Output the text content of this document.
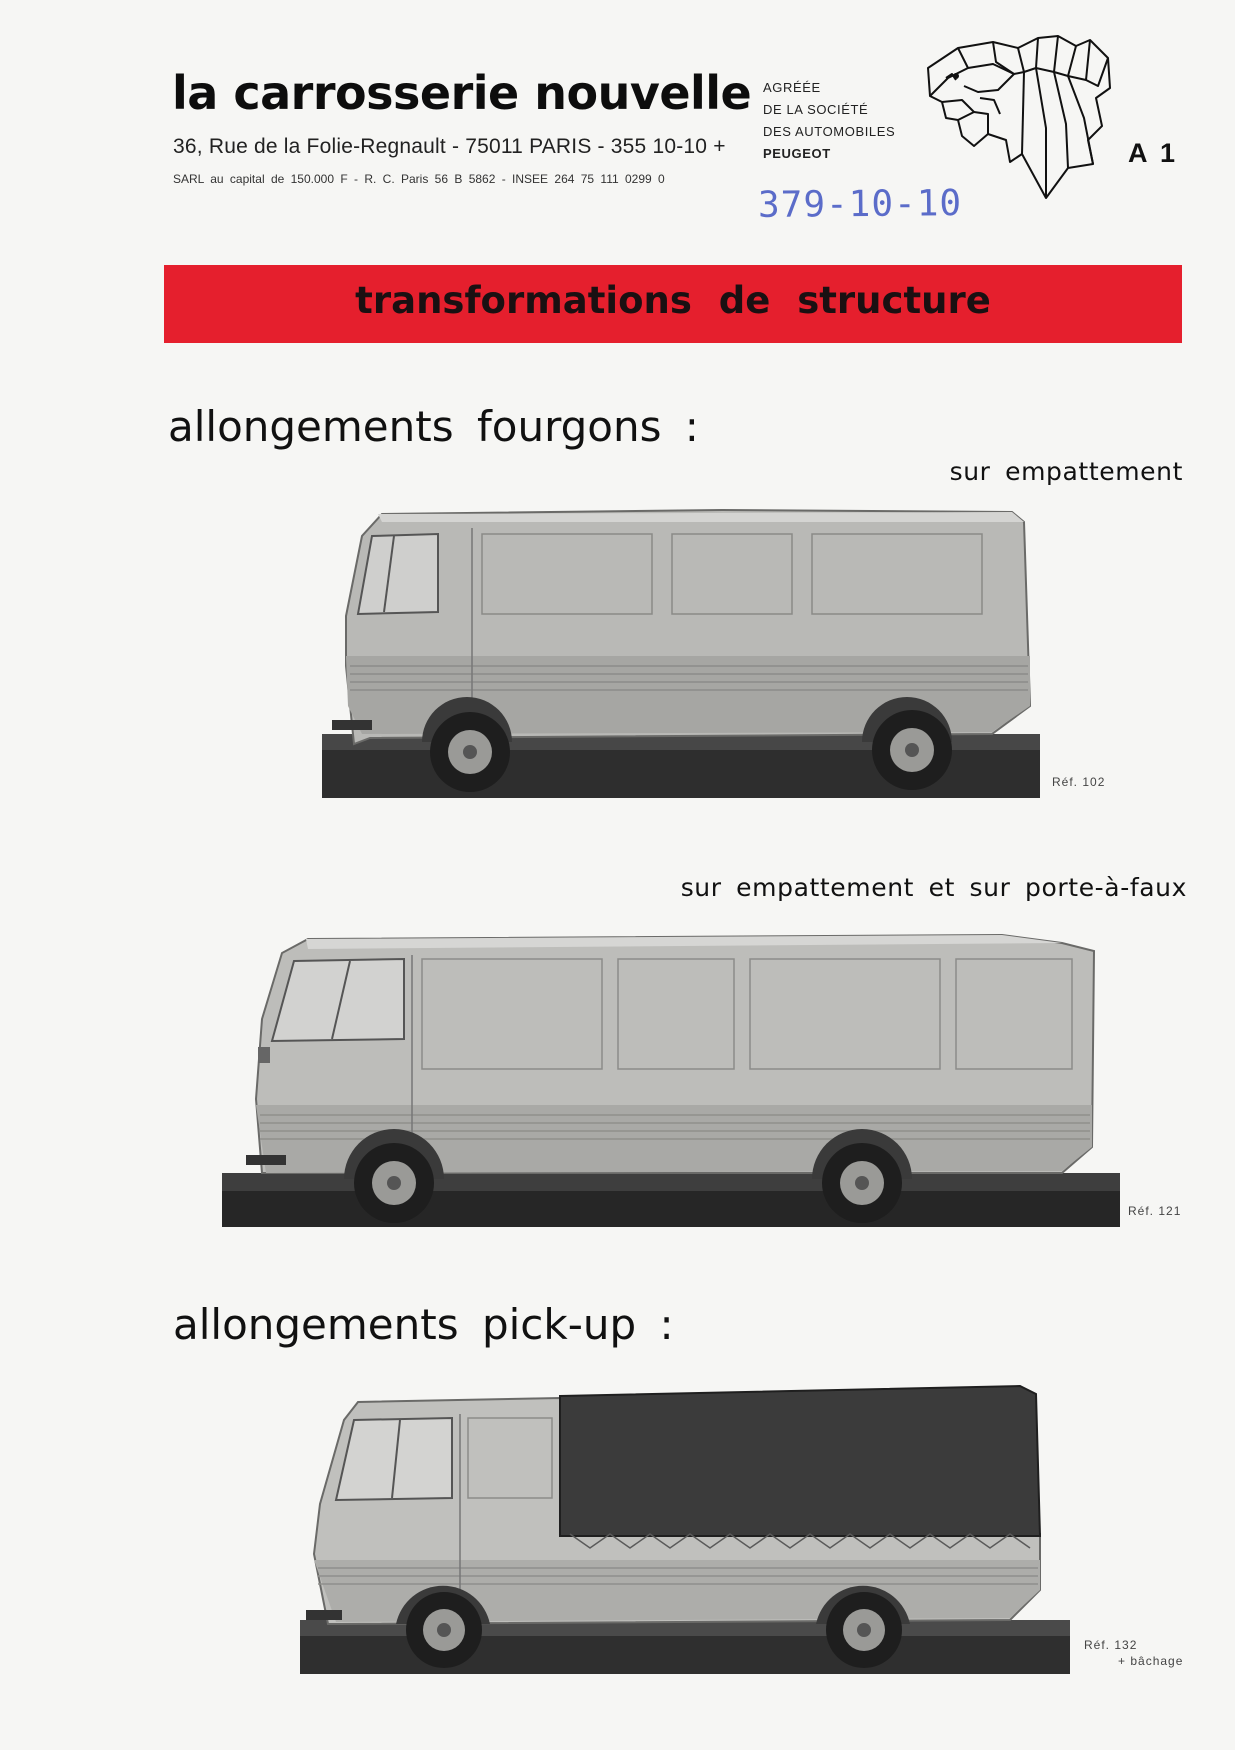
la carrosserie nouvelle
36, Rue de la Folie-Regnault - 75011 PARIS - 355 10-10 +
SARL au capital de 150.000 F - R. C. Paris 56 B 5862 - INSEE 264 75 111 0299 0
AGRÉÉE
DE LA SOCIÉTÉ
DES AUTOMOBILES
PEUGEOT
379-10-10
A 1
transformations de structure
allongements fourgons :
sur empattement
Réf. 102
sur empattement et sur porte-à-faux
Réf. 121
allongements pick-up :
Réf. 132
+ bâchage
